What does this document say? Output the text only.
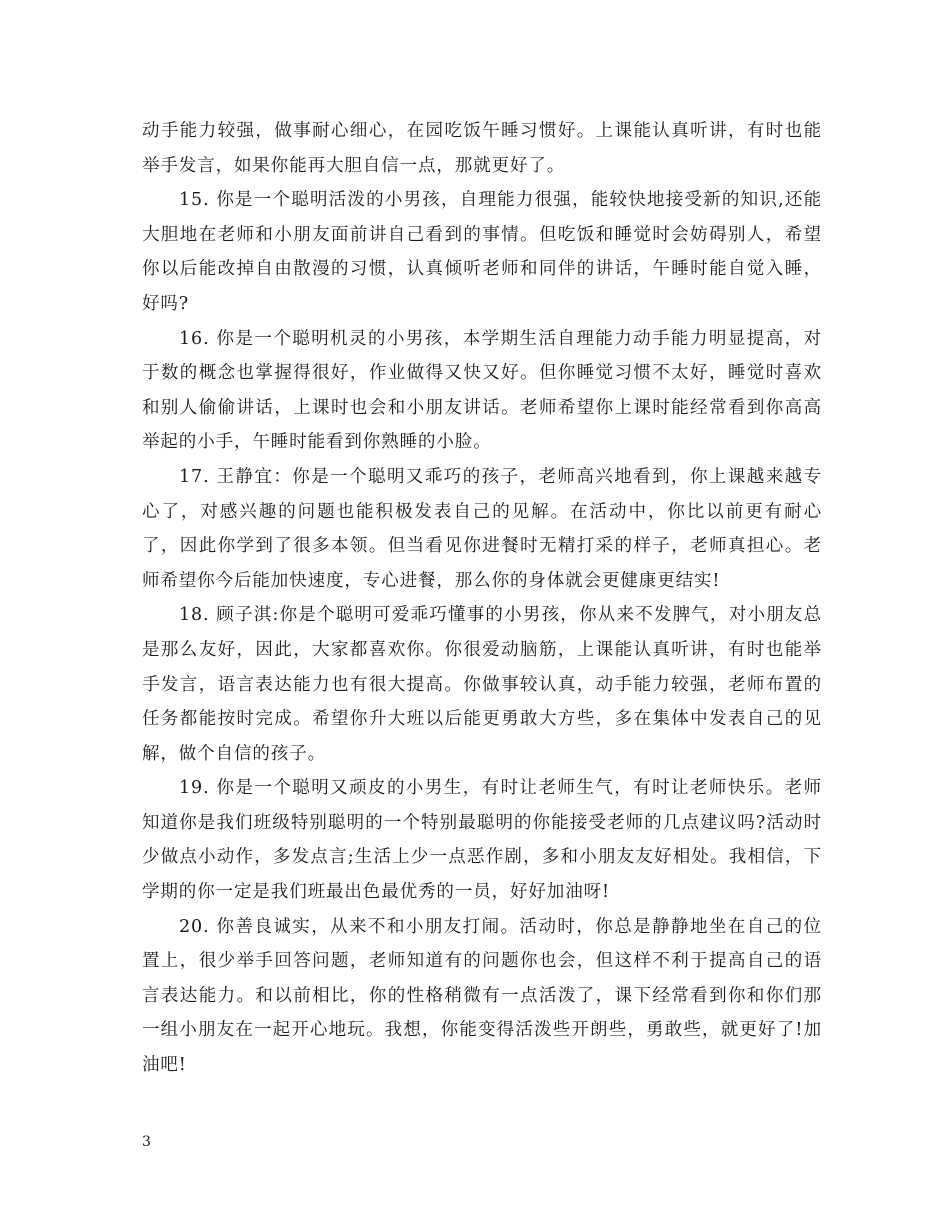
动手能力较强，做事耐心细心，在园吃饭午睡习惯好。上课能认真听讲，有时也能举手发言，如果你能再大胆自信一点，那就更好了。

15. 你是一个聪明活泼的小男孩，自理能力很强，能较快地接受新的知识,还能大胆地在老师和小朋友面前讲自己看到的事情。但吃饭和睡觉时会妨碍别人，希望你以后能改掉自由散漫的习惯，认真倾听老师和同伴的讲话，午睡时能自觉入睡，好吗?

16. 你是一个聪明机灵的小男孩，本学期生活自理能力动手能力明显提高，对于数的概念也掌握得很好，作业做得又快又好。但你睡觉习惯不太好，睡觉时喜欢和别人偷偷讲话，上课时也会和小朋友讲话。老师希望你上课时能经常看到你高高举起的小手，午睡时能看到你熟睡的小脸。

17. 王静宜：你是一个聪明又乖巧的孩子，老师高兴地看到，你上课越来越专心了，对感兴趣的问题也能积极发表自己的见解。在活动中，你比以前更有耐心了，因此你学到了很多本领。但当看见你进餐时无精打采的样子，老师真担心。老师希望你今后能加快速度，专心进餐，那么你的身体就会更健康更结实!

18. 顾子淇:你是个聪明可爱乖巧懂事的小男孩，你从来不发脾气，对小朋友总是那么友好，因此，大家都喜欢你。你很爱动脑筋，上课能认真听讲，有时也能举手发言，语言表达能力也有很大提高。你做事较认真，动手能力较强，老师布置的任务都能按时完成。希望你升大班以后能更勇敢大方些，多在集体中发表自己的见解，做个自信的孩子。

19. 你是一个聪明又顽皮的小男生，有时让老师生气，有时让老师快乐。老师知道你是我们班级特别聪明的一个特别最聪明的你能接受老师的几点建议吗?活动时少做点小动作，多发点言;生活上少一点恶作剧，多和小朋友友好相处。我相信，下学期的你一定是我们班最出色最优秀的一员，好好加油呀!

20. 你善良诚实，从来不和小朋友打闹。活动时，你总是静静地坐在自己的位置上，很少举手回答问题，老师知道有的问题你也会，但这样不利于提高自己的语言表达能力。和以前相比，你的性格稍微有一点活泼了，课下经常看到你和你们那一组小朋友在一起开心地玩。我想，你能变得活泼些开朗些，勇敢些，就更好了!加油吧!

3
